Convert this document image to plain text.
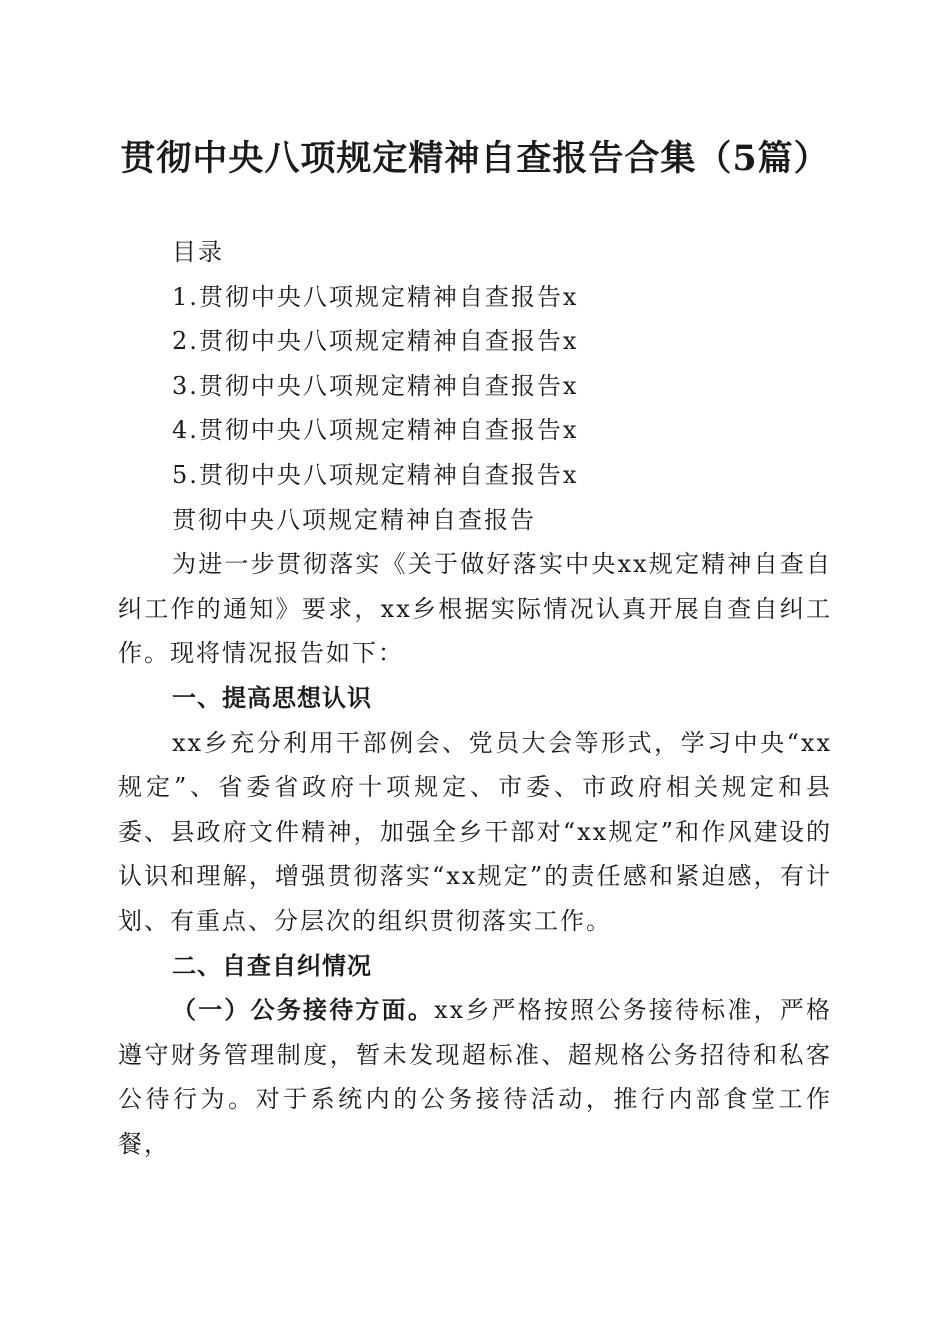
贯彻中央八项规定精神自查报告合集（5篇）

目录

1.贯彻中央八项规定精神自查报告x

2.贯彻中央八项规定精神自查报告x

3.贯彻中央八项规定精神自查报告x

4.贯彻中央八项规定精神自查报告x

5.贯彻中央八项规定精神自查报告x

贯彻中央八项规定精神自查报告

为进一步贯彻落实《关于做好落实中央xx规定精神自查自纠工作的通知》要求，xx乡根据实际情况认真开展自查自纠工作。现将情况报告如下：

一、提高思想认识

xx乡充分利用干部例会、党员大会等形式，学习中央“xx规定”、省委省政府十项规定、市委、市政府相关规定和县委、县政府文件精神，加强全乡干部对“xx规定”和作风建设的认识和理解，增强贯彻落实“xx规定”的责任感和紧迫感，有计划、有重点、分层次的组织贯彻落实工作。

二、自查自纠情况

（一）公务接待方面。xx乡严格按照公务接待标准，严格遵守财务管理制度，暂未发现超标准、超规格公务招待和私客公待行为。对于系统内的公务接待活动，推行内部食堂工作餐，
